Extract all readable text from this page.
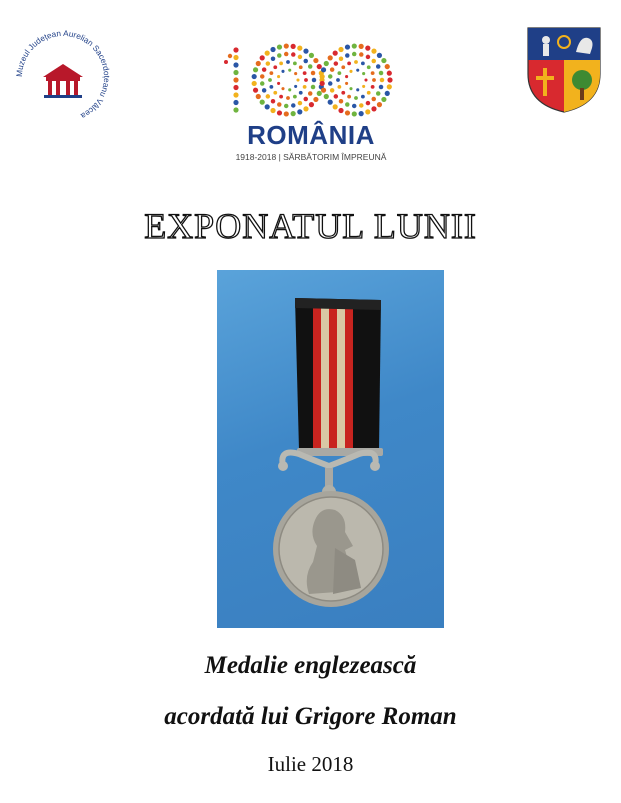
Muzeul Județean Aurelian Sacerdoțeanu Vâlcea
ROMÂNIA
1918-2018 | SĂRBĂTORIM ÎMPREUNĂ
EXPONATUL LUNII
Medalie englezească
acordată lui Grigore Roman
Iulie 2018
